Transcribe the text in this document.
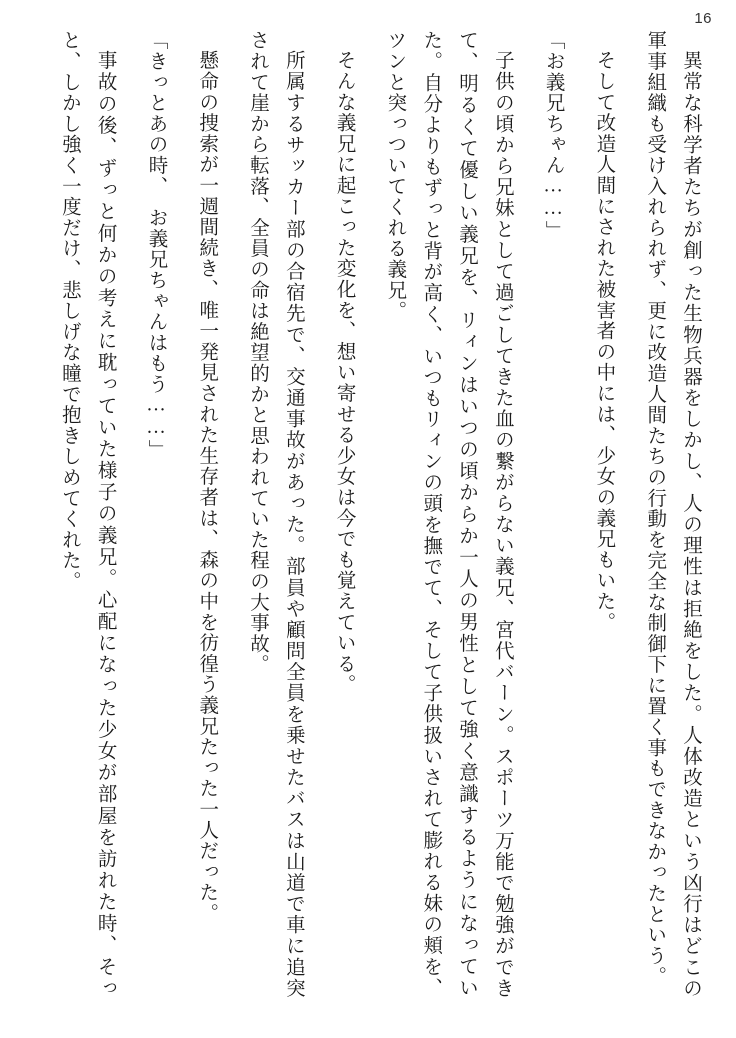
16

異常な科学者たちが創った生物兵器をしかし、人の理性は拒絶をした。人体改造という凶行はどこの軍事組織も受け入れられず、更に改造人間たちの行動を完全な制御下に置く事もできなかったという。

そして改造人間にされた被害者の中には、少女の義兄もいた。

「お義兄ちゃん……」

子供の頃から兄妹として過ごしてきた血の繋がらない義兄、宮代バーン。スポーツ万能で勉強ができて、明るくて優しい義兄を、リィンはいつの頃からか一人の男性として強く意識するようになっていた。自分よりもずっと背が高く、いつもリィンの頭を撫でて、そして子供扱いされて膨れる妹の頬を、ツンと突っついてくれる義兄。

そんな義兄に起こった変化を、想い寄せる少女は今でも覚えている。

所属するサッカー部の合宿先で、交通事故があった。部員や顧問全員を乗せたバスは山道で車に追突されて崖から転落、全員の命は絶望的かと思われていた程の大事故。

懸命の捜索が一週間続き、唯一発見された生存者は、森の中を彷徨う義兄たった一人だった。

「きっとあの時、　お義兄ちゃんはもう……」

事故の後、ずっと何かの考えに耽っていた様子の義兄。心配になった少女が部屋を訪れた時、そっと、しかし強く一度だけ、悲しげな瞳で抱きしめてくれた。
